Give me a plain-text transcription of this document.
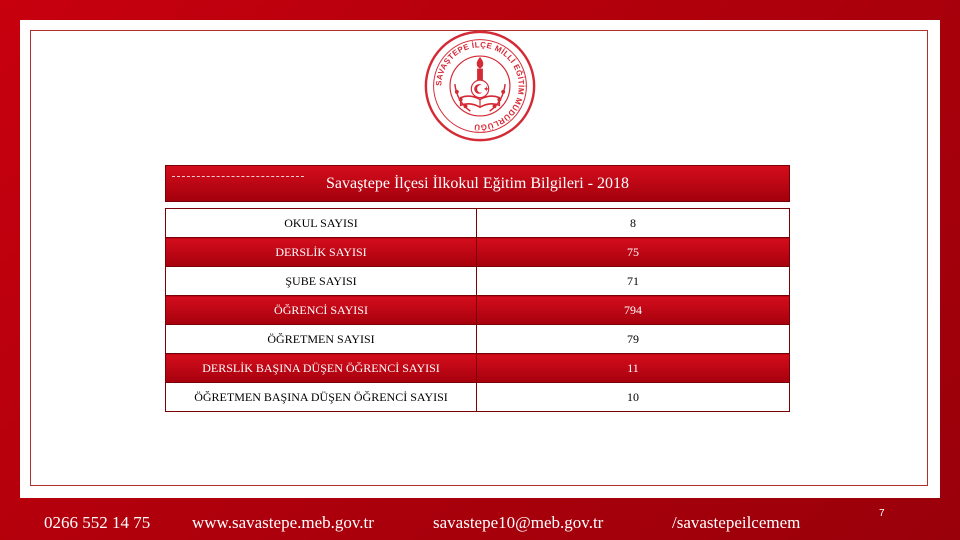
SAVAŞTEPE İLÇE MİLLİ EĞİTİM MÜDÜRLÜĞÜ
Savaştepe İlçesi İlkokul Eğitim Bilgileri - 2018
OKUL SAYISI	8
DERSLİK SAYISI	75
ŞUBE SAYISI	71
ÖĞRENCİ SAYISI	794
ÖĞRETMEN SAYISI	79
DERSLİK BAŞINA DÜŞEN ÖĞRENCİ SAYISI	11
ÖĞRETMEN BAŞINA DÜŞEN ÖĞRENCİ SAYISI	10
7
0266 552 14 75 www.savastepe.meb.gov.tr	savastepe10@meb.gov.tr	/savastepeilcemem
